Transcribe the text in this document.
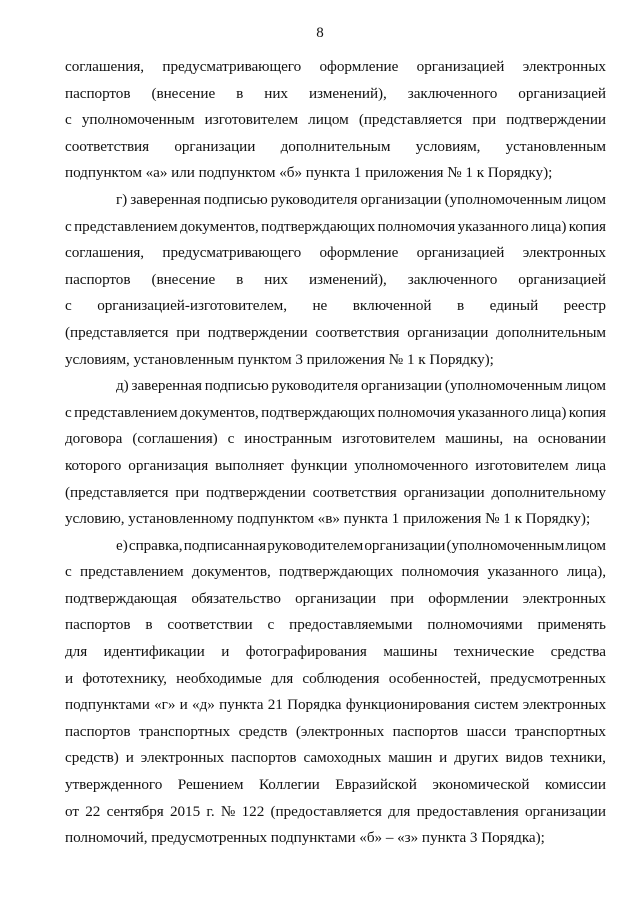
8
соглашения, предусматривающего оформление организацией электронных
паспортов (внесение в них изменений), заключенного организацией
с уполномоченным изготовителем лицом (представляется при подтверждении
соответствия организации дополнительным условиям, установленным
подпунктом «а» или подпунктом «б» пункта 1 приложения № 1 к Порядку);
г) заверенная подписью руководителя организации (уполномоченным лицом
с представлением документов, подтверждающих полномочия указанного лица) копия
соглашения, предусматривающего оформление организацией электронных
паспортов (внесение в них изменений), заключенного организацией
с организацией-изготовителем, не включенной в единый реестр
(представляется при подтверждении соответствия организации дополнительным
условиям, установленным пунктом 3 приложения № 1 к Порядку);
д) заверенная подписью руководителя организации (уполномоченным лицом
с представлением документов, подтверждающих полномочия указанного лица) копия
договора (соглашения) с иностранным изготовителем машины, на основании
которого организация выполняет функции уполномоченного изготовителем лица
(представляется при подтверждении соответствия организации дополнительному
условию, установленному подпунктом «в» пункта 1 приложения № 1 к Порядку);
е) справка, подписанная руководителем организации (уполномоченным лицом
с представлением документов, подтверждающих полномочия указанного лица),
подтверждающая обязательство организации при оформлении электронных
паспортов в соответствии с предоставляемыми полномочиями применять
для идентификации и фотографирования машины технические средства
и фототехнику, необходимые для соблюдения особенностей, предусмотренных
подпунктами «г» и «д» пункта 21 Порядка функционирования систем электронных
паспортов транспортных средств (электронных паспортов шасси транспортных
средств) и электронных паспортов самоходных машин и других видов техники,
утвержденного Решением Коллегии Евразийской экономической комиссии
от 22 сентября 2015 г. № 122 (предоставляется для предоставления организации
полномочий, предусмотренных подпунктами «б» – «з» пункта 3 Порядка);
